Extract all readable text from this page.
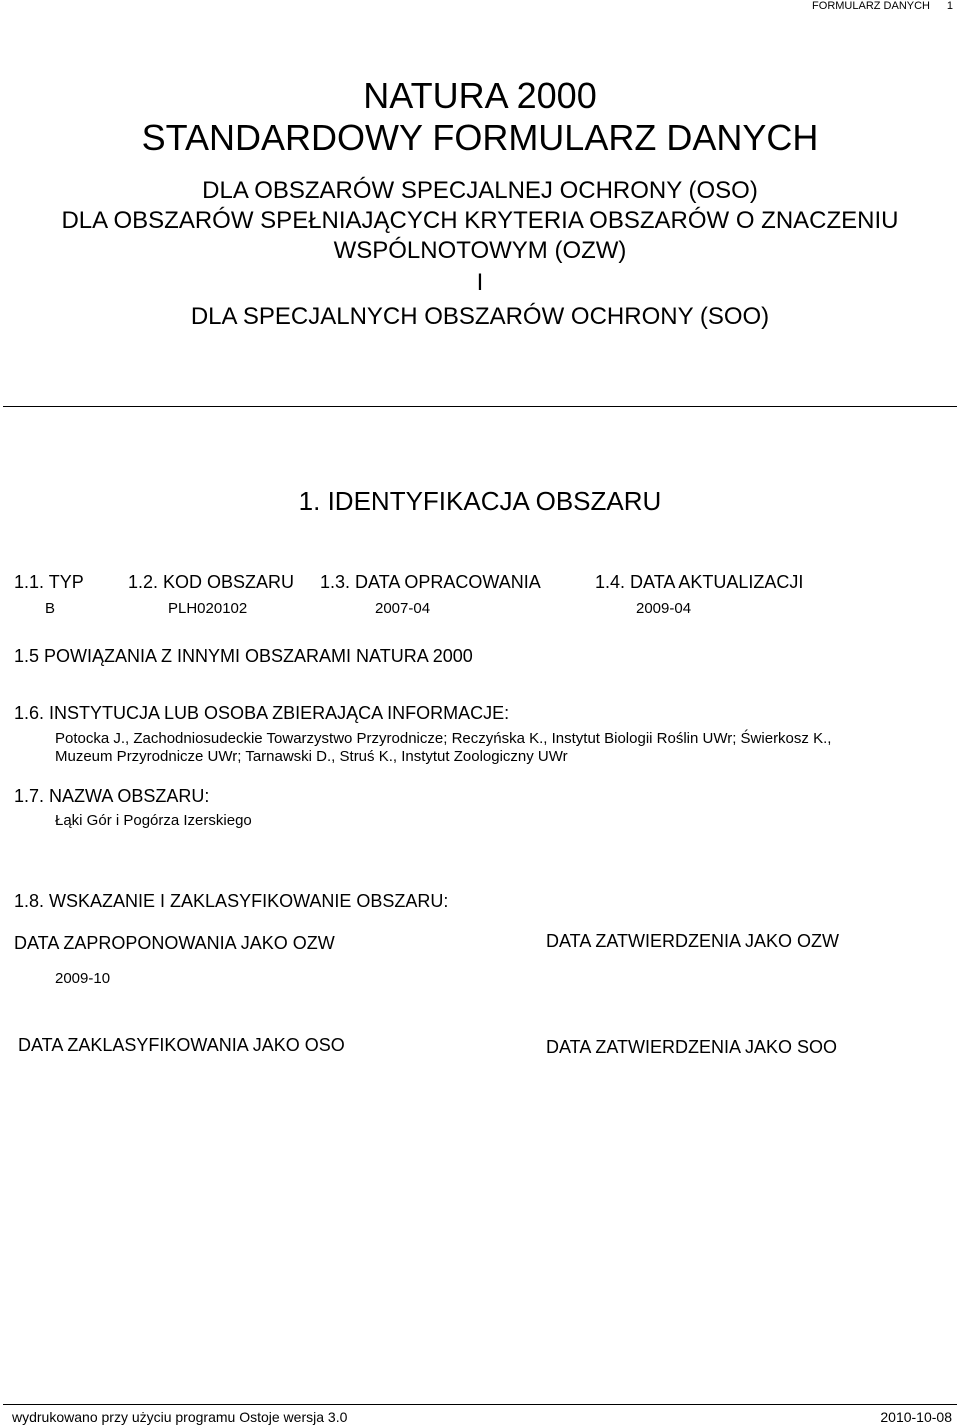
FORMULARZ DANYCH 1
NATURA 2000
STANDARDOWY FORMULARZ DANYCH
DLA OBSZARÓW SPECJALNEJ OCHRONY (OSO)
DLA OBSZARÓW SPEŁNIAJĄCYCH KRYTERIA OBSZARÓW O ZNACZENIU
WSPÓLNOTOWYM (OZW)
I
DLA SPECJALNYCH OBSZARÓW OCHRONY (SOO)
1. IDENTYFIKACJA OBSZARU
1.1. TYP 1.2. KOD OBSZARU 1.3. DATA OPRACOWANIA	1.4. DATA AKTUALIZACJI
B	PLH020102	2007-04	2009-04
1.5 POWIĄZANIA Z INNYMI OBSZARAMI NATURA 2000
1.6. INSTYTUCJA LUB OSOBA ZBIERAJĄCA INFORMACJE:
Potocka J., Zachodniosudeckie Towarzystwo Przyrodnicze; Reczyńska K., Instytut Biologii Roślin UWr; Świerkosz K.,
Muzeum Przyrodnicze UWr; Tarnawski D., Struś K., Instytut Zoologiczny UWr
1.7. NAZWA OBSZARU:
Łąki Gór i Pogórza Izerskiego
1.8. WSKAZANIE I ZAKLASYFIKOWANIE OBSZARU:
DATA ZAPROPONOWANIA JAKO OZW	DATA ZATWIERDZENIA JAKO OZW
2009-10
DATA ZAKLASYFIKOWANIA JAKO OSO	DATA ZATWIERDZENIA JAKO SOO
wydrukowano przy użyciu programu Ostoje wersja 3.0	2010-10-08
